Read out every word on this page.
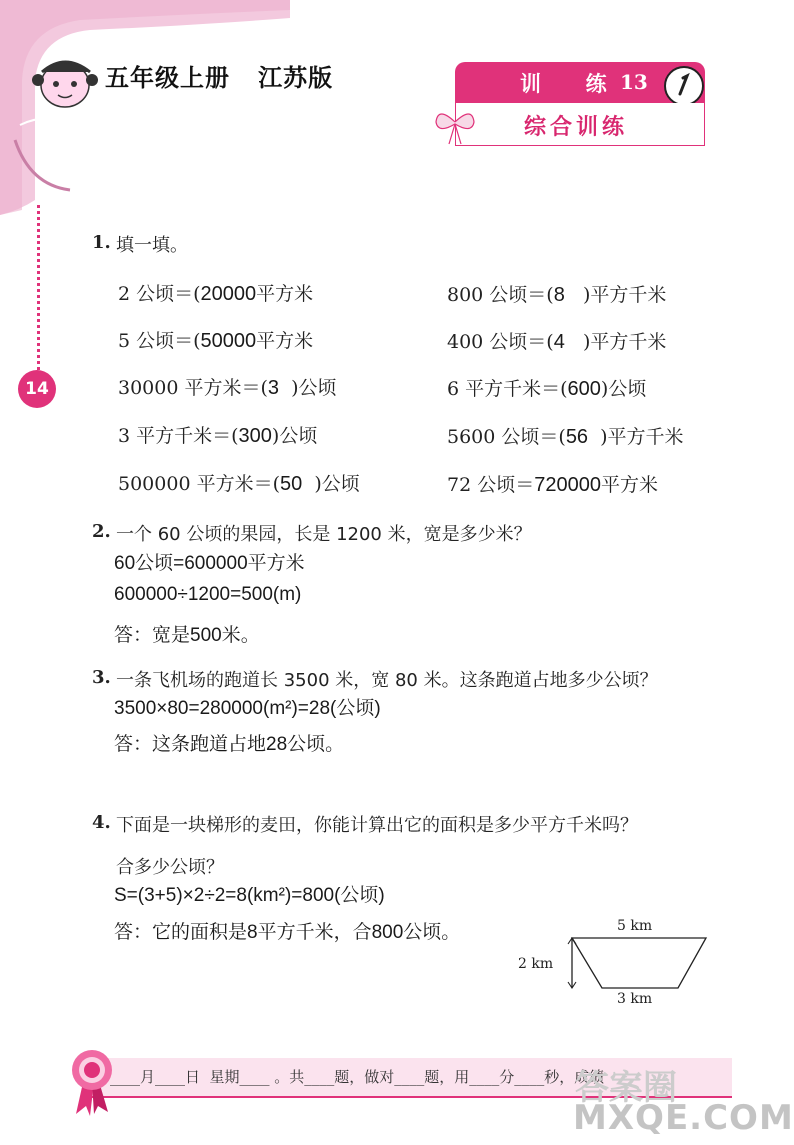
五年级上册   江苏版	训  练 13
综合训练
14
1. 填一填。
2 公顷＝(20000平方米
5 公顷＝(50000平方米
30000 平方米＝(3  )公顷
3 平方千米＝(300)公顷
500000 平方米＝(50  )公顷
800 公顷＝(8   )平方千米
400 公顷＝(4   )平方千米
6 平方千米＝(600)公顷
5600 公顷＝(56  )平方千米
72 公顷＝720000平方米
2. 一个 60 公顷的果园，长是 1200 米，宽是多少米？
60公顷=600000平方米
600000÷1200=500(m)
答：宽是500米。
3. 一条飞机场的跑道长 3500 米，宽 80 米。这条跑道占地多少公顷？
3500×80=280000(m²)=28(公顷)
答：这条跑道占地28公顷。
4. 下面是一块梯形的麦田，你能计算出它的面积是多少平方千米吗？
合多少公顷？
S=(3+5)×2÷2=8(km²)=800(公顷)
答：它的面积是8平方千米，合800公顷。	5 km
2 km
3 km
____月____日  星期____ 。共____题，做对____题，用____分____秒，成绩
答案圈
MXQE.COM
